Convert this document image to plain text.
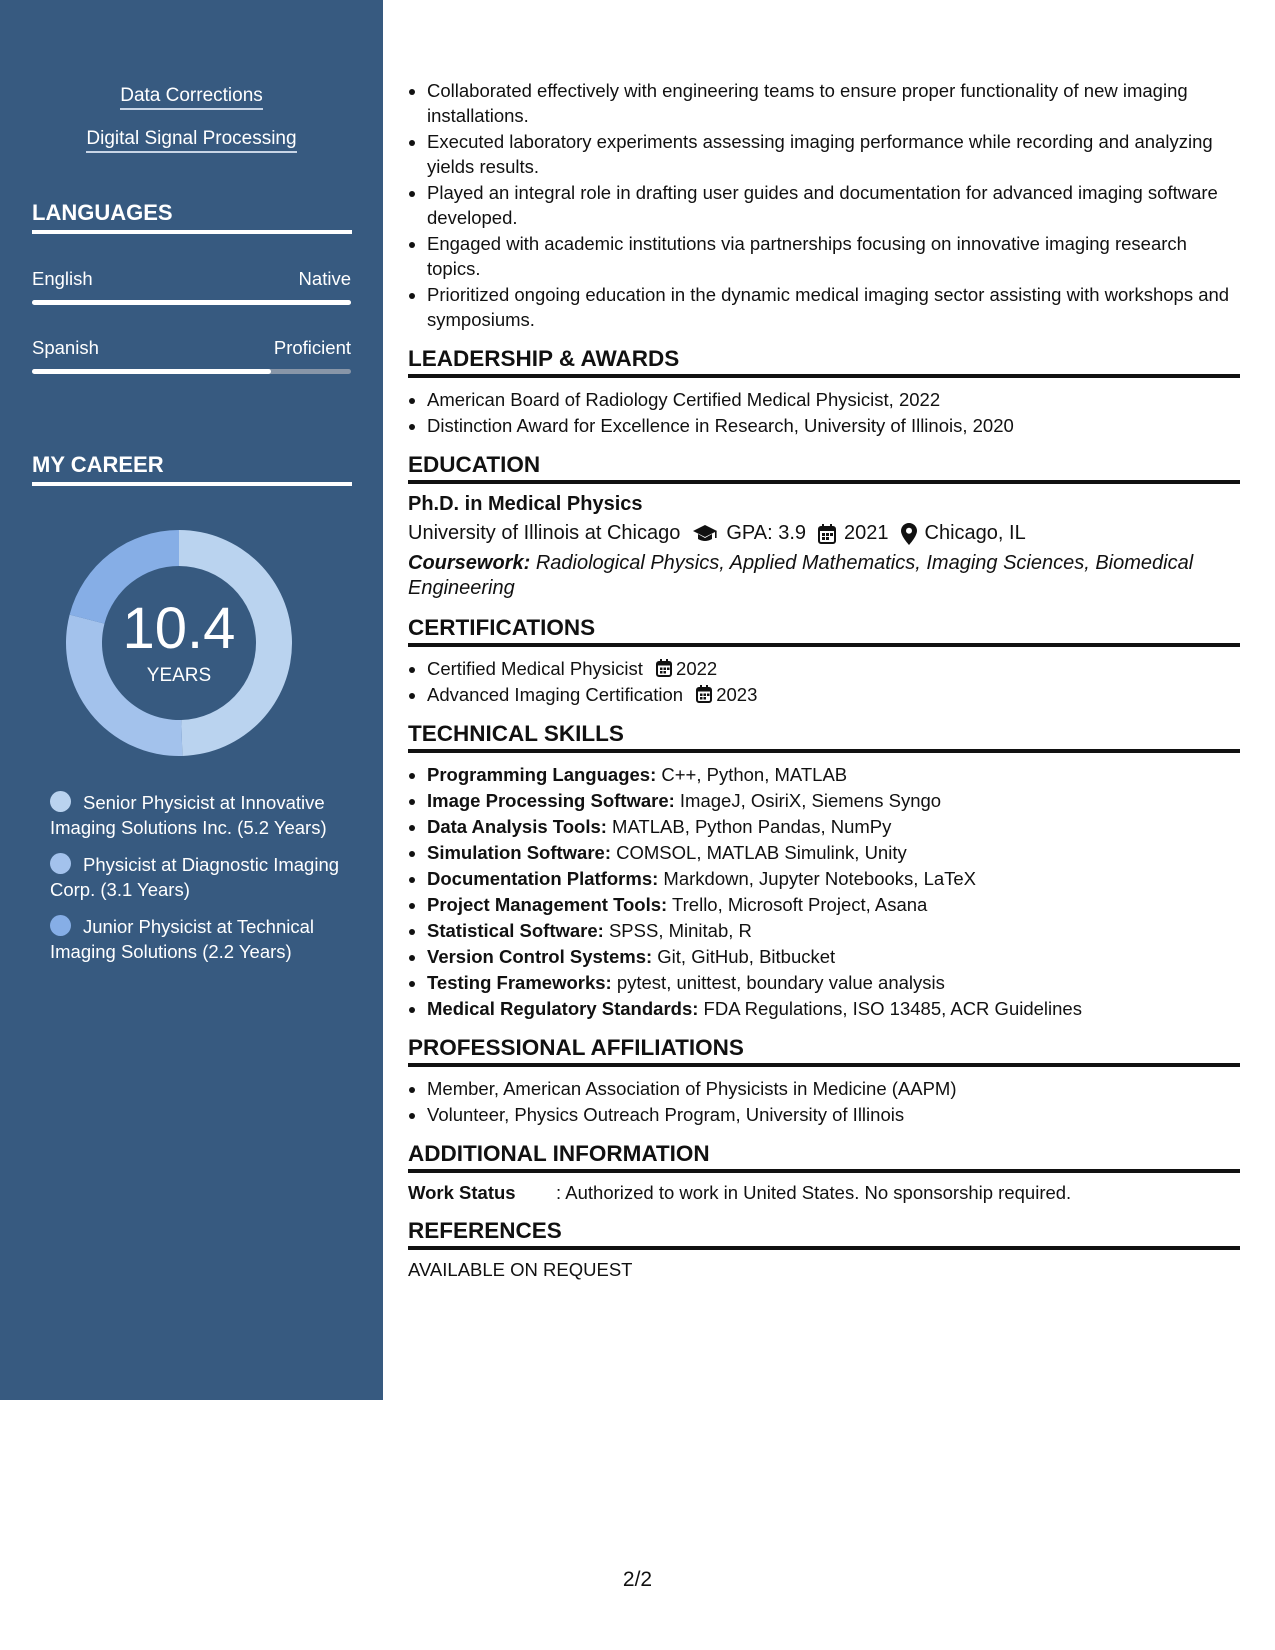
Data Corrections
Digital Signal Processing
LANGUAGES
English	Native
Spanish	Proficient
MY CAREER
10.4
YEARS
Senior Physicist at Innovative Imaging Solutions Inc. (5.2 Years)
Physicist at Diagnostic Imaging Corp. (3.1 Years)
Junior Physicist at Technical Imaging Solutions (2.2 Years)
• Collaborated effectively with engineering teams to ensure proper functionality of new imaging installations.
• Executed laboratory experiments assessing imaging performance while recording and analyzing yields results.
• Played an integral role in drafting user guides and documentation for advanced imaging software developed.
• Engaged with academic institutions via partnerships focusing on innovative imaging research topics.
• Prioritized ongoing education in the dynamic medical imaging sector assisting with workshops and symposiums.
LEADERSHIP & AWARDS
• American Board of Radiology Certified Medical Physicist, 2022
• Distinction Award for Excellence in Research, University of Illinois, 2020
EDUCATION
Ph.D. in Medical Physics
University of Illinois at Chicago GPA: 3.9 2021 Chicago, IL
Coursework: Radiological Physics, Applied Mathematics, Imaging Sciences, Biomedical Engineering
CERTIFICATIONS
• Certified Medical Physicist 2022
• Advanced Imaging Certification 2023
TECHNICAL SKILLS
• Programming Languages: C++, Python, MATLAB
• Image Processing Software: ImageJ, OsiriX, Siemens Syngo
• Data Analysis Tools: MATLAB, Python Pandas, NumPy
• Simulation Software: COMSOL, MATLAB Simulink, Unity
• Documentation Platforms: Markdown, Jupyter Notebooks, LaTeX
• Project Management Tools: Trello, Microsoft Project, Asana
• Statistical Software: SPSS, Minitab, R
• Version Control Systems: Git, GitHub, Bitbucket
• Testing Frameworks: pytest, unittest, boundary value analysis
• Medical Regulatory Standards: FDA Regulations, ISO 13485, ACR Guidelines
PROFESSIONAL AFFILIATIONS
• Member, American Association of Physicists in Medicine (AAPM)
• Volunteer, Physics Outreach Program, University of Illinois
ADDITIONAL INFORMATION
Work Status	: Authorized to work in United States. No sponsorship required.
REFERENCES
AVAILABLE ON REQUEST
2/2
